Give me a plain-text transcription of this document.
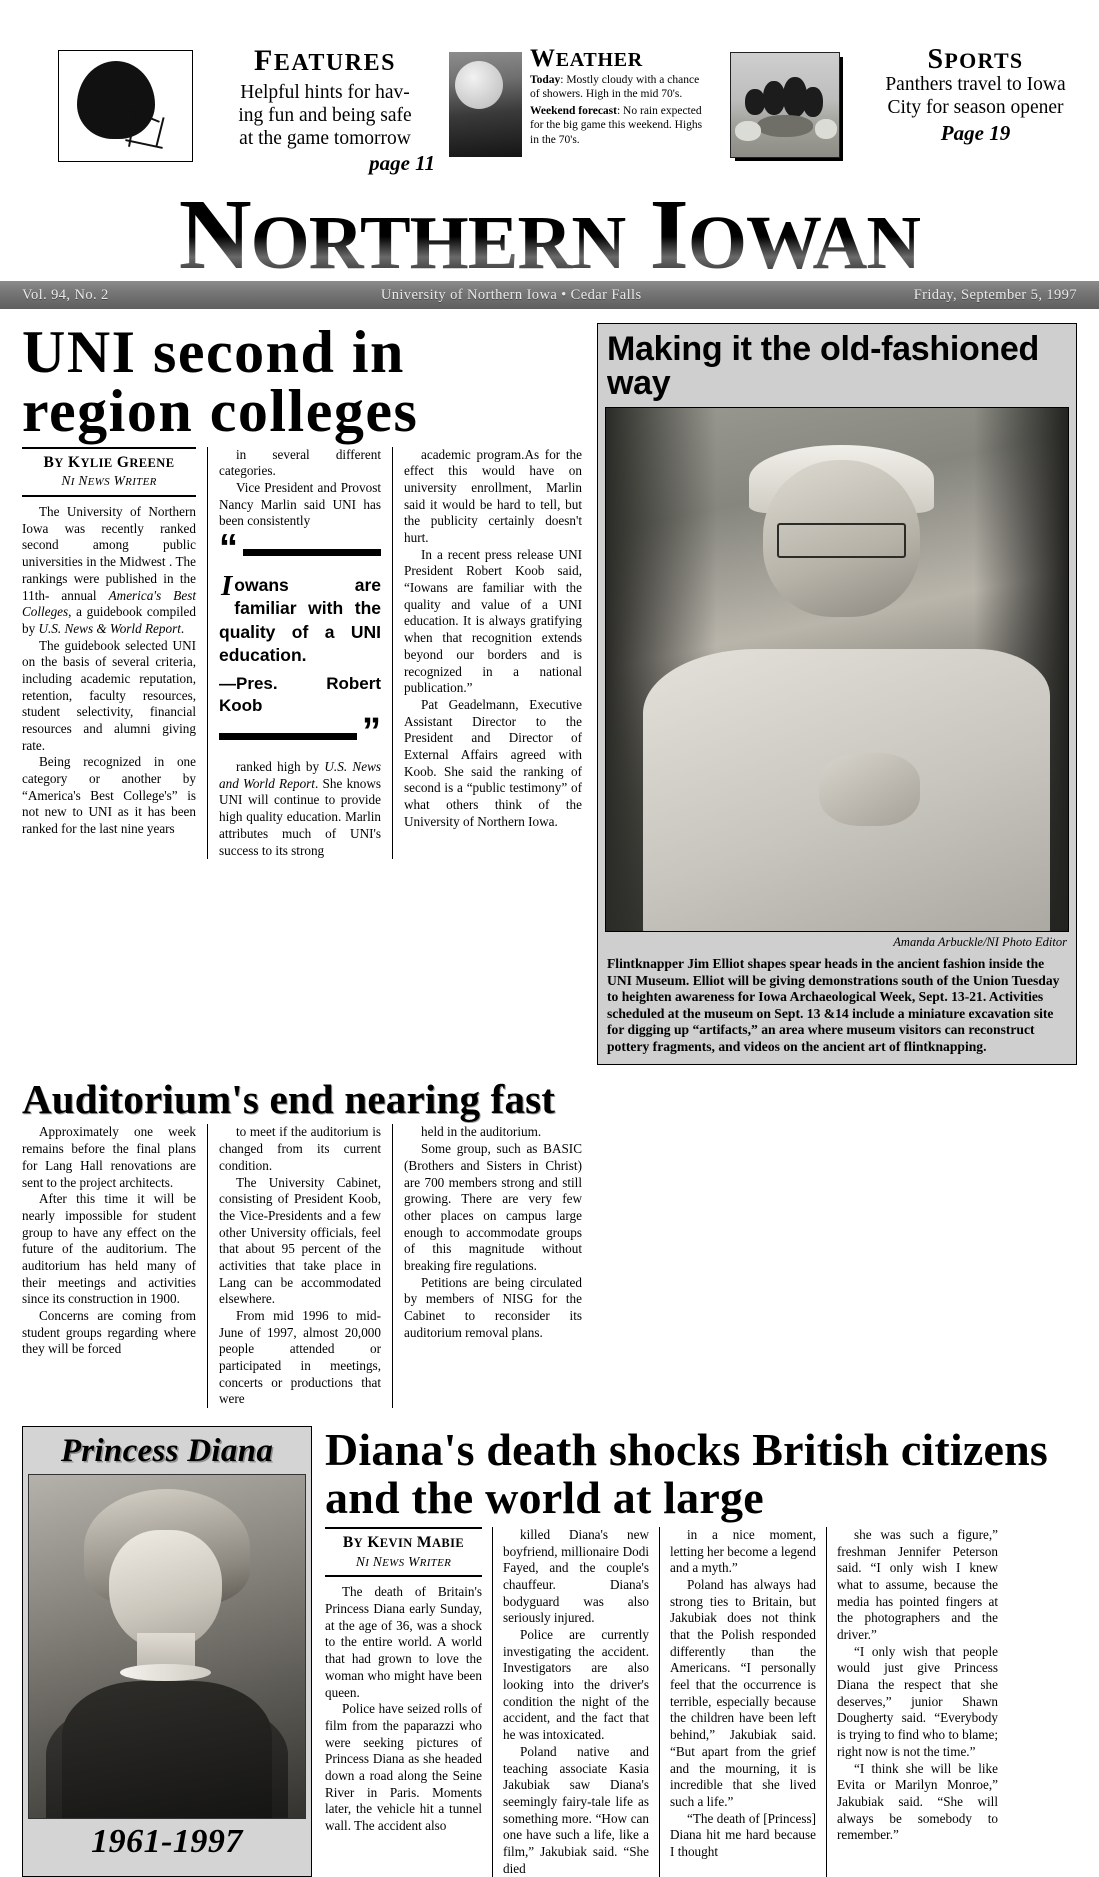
FEATURES
Helpful hints for hav-
ing fun and being safe
at the game tomorrow
page 11
WEATHER
Today: Mostly cloudy with a chance of showers. High in the mid 70's.
Weekend forecast: No rain expected for the big game this weekend. Highs in the 70's.
SPORTS
Panthers travel to Iowa
City for season opener
Page 19
NORTHERN IOWAN
Vol. 94, No. 2	University of Northern Iowa • Cedar Falls	Friday, September 5, 1997
UNI second in region colleges
BY KYLIE GREENE
NI NEWS WRITER

The University of Northern Iowa was recently ranked second among public universities in the Midwest . The rankings were published in the 11th- annual America's Best Colleges, a guidebook compiled by U.S. News & World Report.

The guidebook selected UNI on the basis of several criteria, including academic reputation, retention, faculty resources, student selectivity, financial resources and alumni giving rate.

Being recognized in one category or another by “America's Best College's” is not new to UNI as it has been ranked for the last nine years

in several different categories.

Vice President and Provost Nancy Marlin said UNI has been consistently

“
Iowans are familiar with the quality of a UNI education.
—Pres. Robert Koob
”

ranked high by U.S. News and World Report. She knows UNI will continue to provide high quality education. Marlin attributes much of UNI's success to its strong

academic program.As for the effect this would have on university enrollment, Marlin said it would be hard to tell, but the publicity certainly doesn't hurt.

In a recent press release UNI President Robert Koob said, “Iowans are familiar with the quality and value of a UNI education. It is always gratifying when that recognition extends beyond our borders and is recognized in a national publication.”

Pat Geadelmann, Executive Assistant Director to the President and Director of External Affairs agreed with Koob. She said the ranking of second is a “public testimony” of what others think of the University of Northern Iowa.

Making it the old-fashioned way
Amanda Arbuckle/NI Photo Editor
Flintknapper Jim Elliot shapes spear heads in the ancient fashion inside the UNI Museum. Elliot will be giving demonstrations south of the Union Tuesday to heighten awareness for Iowa Archaeological Week, Sept. 13-21. Activities scheduled at the museum on Sept. 13 &14 include a miniature excavation site for digging up “artifacts,” an area where museum visitors can reconstruct pottery fragments, and videos on the ancient art of flintknapping.
Auditorium's end nearing fast

Approximately one week remains before the final plans for Lang Hall renovations are sent to the project architects.

After this time it will be nearly impossible for student group to have any effect on the future of the auditorium. The auditorium has held many of their meetings and activities since its construction in 1900.

Concerns are coming from student groups regarding where they will be forced

to meet if the auditorium is changed from its current condition.

The University Cabinet, consisting of President Koob, the Vice-Presidents and a few other University officials, feel that about 95 percent of the activities that take place in Lang can be accommodated elsewhere.

From mid 1996 to mid-June of 1997, almost 20,000 people attended or participated in meetings, concerts or productions that were

held in the auditorium.

Some group, such as BASIC (Brothers and Sisters in Christ) are 700 members strong and still growing. There are very few other places on campus large enough to accommodate groups of this magnitude without breaking fire regulations.

Petitions are being circulated by members of NISG for the Cabinet to reconsider its auditorium removal plans.

Princess Diana
1961-1997
Diana's death shocks British citizens and the world at large
BY KEVIN MABIE
NI NEWS WRITER

The death of Britain's Princess Diana early Sunday, at the age of 36, was a shock to the entire world. A world that had grown to love the woman who might have been queen.

Police have seized rolls of film from the paparazzi who were seeking pictures of Princess Diana as she headed down a road along the Seine River in Paris. Moments later, the vehicle hit a tunnel wall. The accident also

killed Diana's new boyfriend, millionaire Dodi Fayed, and the couple's chauffeur. Diana's bodyguard was also seriously injured.

Police are currently investigating the accident. Investigators are also looking into the driver's condition the night of the accident, and the fact that he was intoxicated.

Poland native and teaching associate Kasia Jakubiak saw Diana's seemingly fairy-tale life as something more. “How can one have such a life, like a film,” Jakubiak said. “She died

in a nice moment, letting her become a legend and a myth.”

Poland has always had strong ties to Britain, but Jakubiak does not think that the Polish responded differently than the Americans. “I personally feel that the occurrence is terrible, especially because the children have been left behind,” Jakubiak said. “But apart from the grief and the mourning, it is incredible that she lived such a life.”

“The death of [Princess] Diana hit me hard because I thought

she was such a figure,” freshman Jennifer Peterson said. “I only wish I knew what to assume, because the media has pointed fingers at the photographers and the driver.”

“I only wish that people would just give Princess Diana the respect that she deserves,” junior Shawn Dougherty said. “Everybody is trying to find who to blame; right now is not the time.”

“I think she will be like Evita or Marilyn Monroe,” Jakubiak said. “She will always be somebody to remember.”
